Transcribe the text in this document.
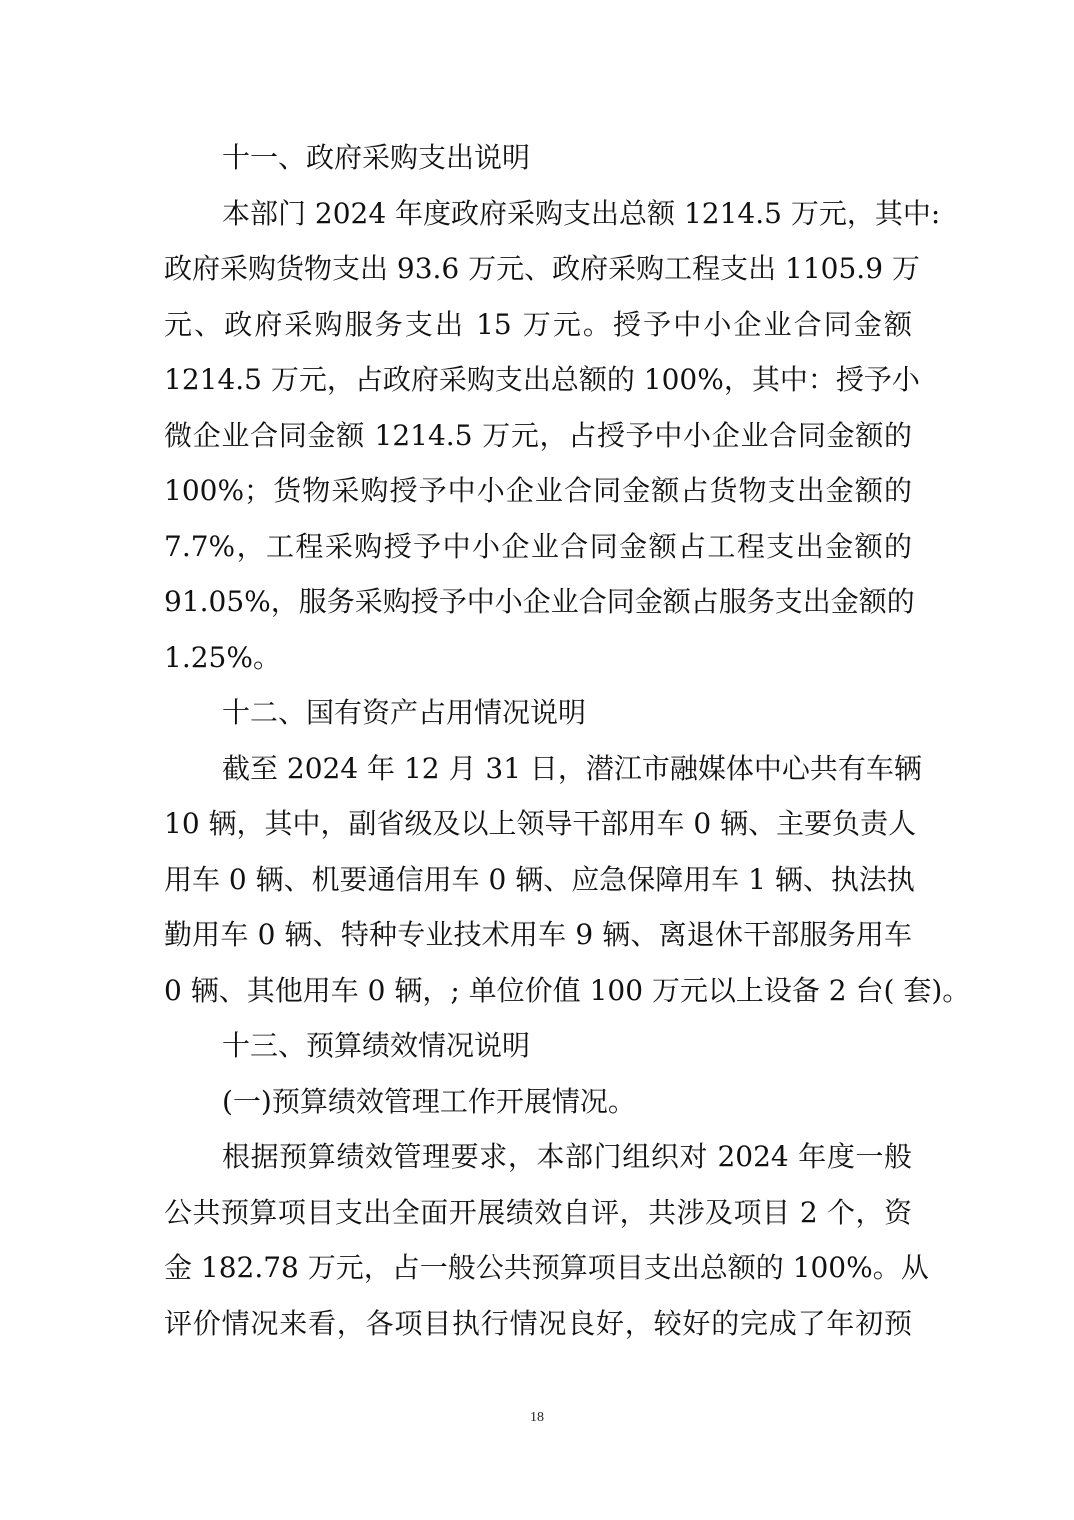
十一、政府采购支出说明
本部门 2024 年度政府采购支出总额 1214.5 万元，其中:
政府采购货物支出 93.6 万元、政府采购工程支出 1105.9 万
元、政府采购服务支出 15 万元。授予中小企业合同金额
1214.5 万元，占政府采购支出总额的 100%，其中：授予小
微企业合同金额 1214.5 万元，占授予中小企业合同金额的
100%；货物采购授予中小企业合同金额占货物支出金额的
7.7%，工程采购授予中小企业合同金额占工程支出金额的
91.05%，服务采购授予中小企业合同金额占服务支出金额的
1.25%。
十二、国有资产占用情况说明
截至 2024 年 12 月 31 日，潜江市融媒体中心共有车辆
10 辆，其中，副省级及以上领导干部用车 0 辆、主要负责人
用车 0 辆、机要通信用车 0 辆、应急保障用车 1 辆、执法执
勤用车 0 辆、特种专业技术用车 9 辆、离退休干部服务用车
0 辆、其他用车 0 辆，; 单位价值 100 万元以上设备 2 台( 套)。
十三、预算绩效情况说明
(一)预算绩效管理工作开展情况。
根据预算绩效管理要求，本部门组织对 2024 年度一般
公共预算项目支出全面开展绩效自评，共涉及项目 2 个，资
金 182.78 万元，占一般公共预算项目支出总额的 100%。从
评价情况来看，各项目执行情况良好，较好的完成了年初预
18
